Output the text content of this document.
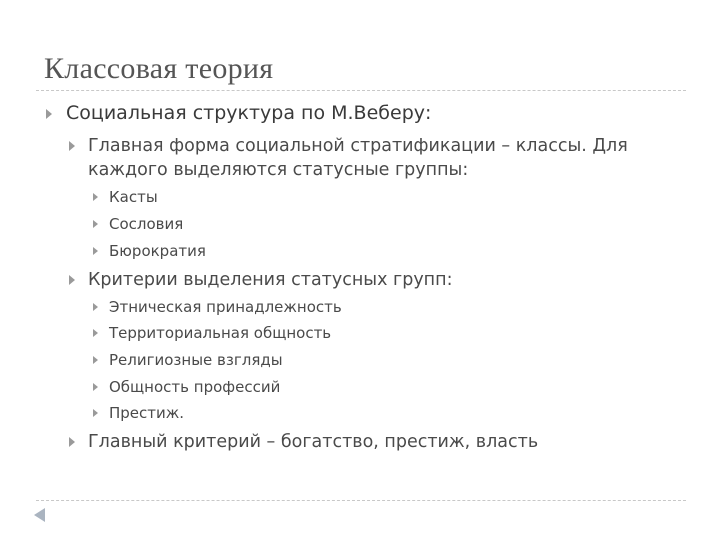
Классовая теория
Социальная структура по М.Веберу:
Главная форма социальной стратификации – классы. Для
каждого выделяются статусные группы:
Касты
Сословия
Бюрократия
Критерии выделения статусных групп:
Этническая принадлежность
Территориальная общность
Религиозные взгляды
Общность профессий
Престиж.
Главный критерий – богатство, престиж, власть
